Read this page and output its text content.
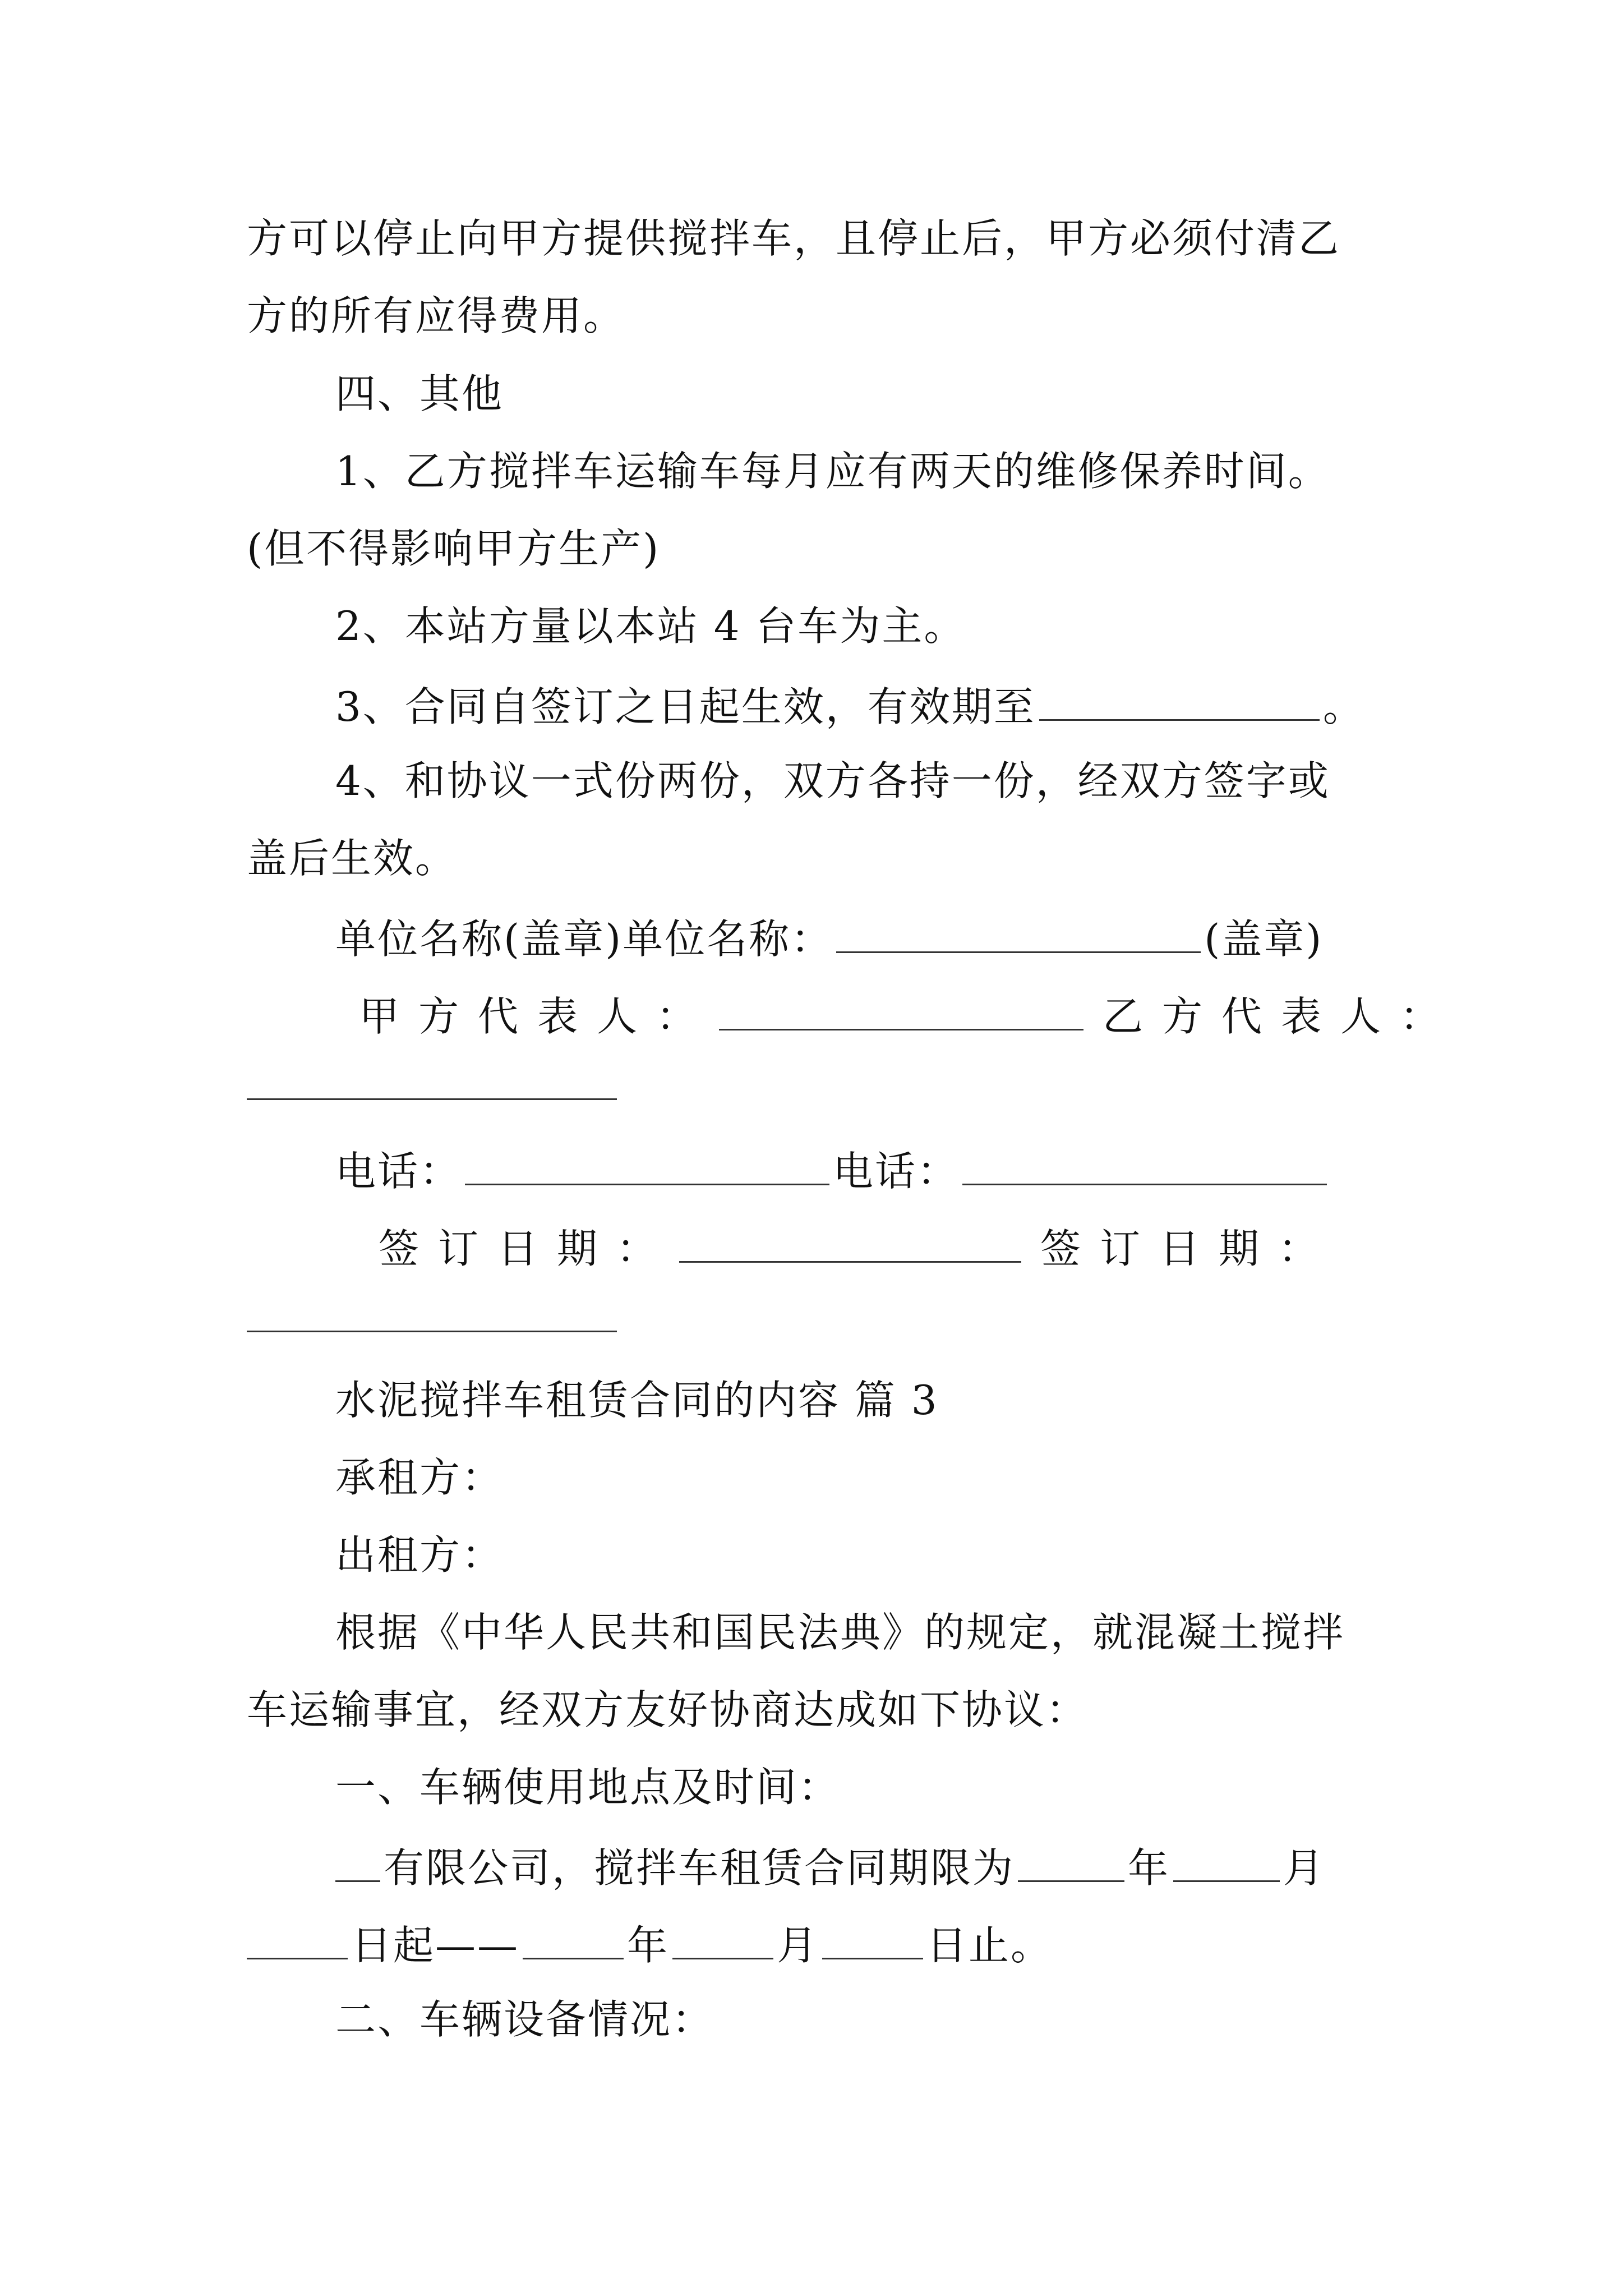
方可以停止向甲方提供搅拌车，且停止后，甲方必须付清乙
方的所有应得费用。
四、其他
1、乙方搅拌车运输车每月应有两天的维修保养时间。
(但不得影响甲方生产)
2、本站方量以本站 4 台车为主。
3、合同自签订之日起生效，有效期至	。
4、和协议一式份两份，双方各持一份，经双方签字或
盖后生效。
单位名称(盖章)单位名称：	(盖章)
甲方代表人：	乙方代表人：
电话：	电话：
签订日期：	签订日期：
水泥搅拌车租赁合同的内容 篇 3
承租方：
出租方：
根据《中华人民共和国民法典》的规定，就混凝土搅拌
车运输事宜，经双方友好协商达成如下协议：
一、车辆使用地点及时间：
有限公司，搅拌车租赁合同期限为	年	月
日起——	年	月	日止。
二、车辆设备情况：
